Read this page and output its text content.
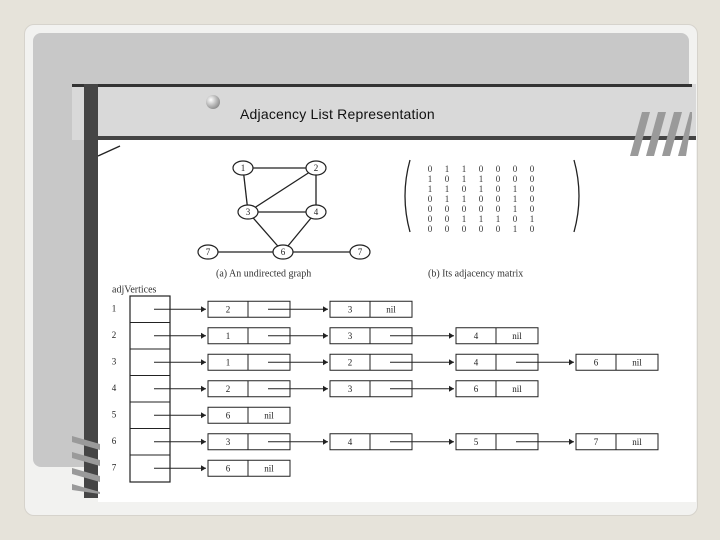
1	2
3	4
6
7	7
(a) An undirected graph
0 1 1 0 0 0 0
1 0 1 1 0 0 0
1 1 0 1 0 1 0
0 1 1 0 0 1 0
0 0 0 0 0 1 0
0 0 1 1 1 0 1
0 0 0 0 0 1 0
(b) Its adjacency matrix
adjVertices
1	2	3	nil
2	1	3	4	nil
3	1	2	4	6	nil
4	2	3	6	nil
5	6	nil
6	3	4	5	7	nil
7	6	nil
Adjacency List Representation
